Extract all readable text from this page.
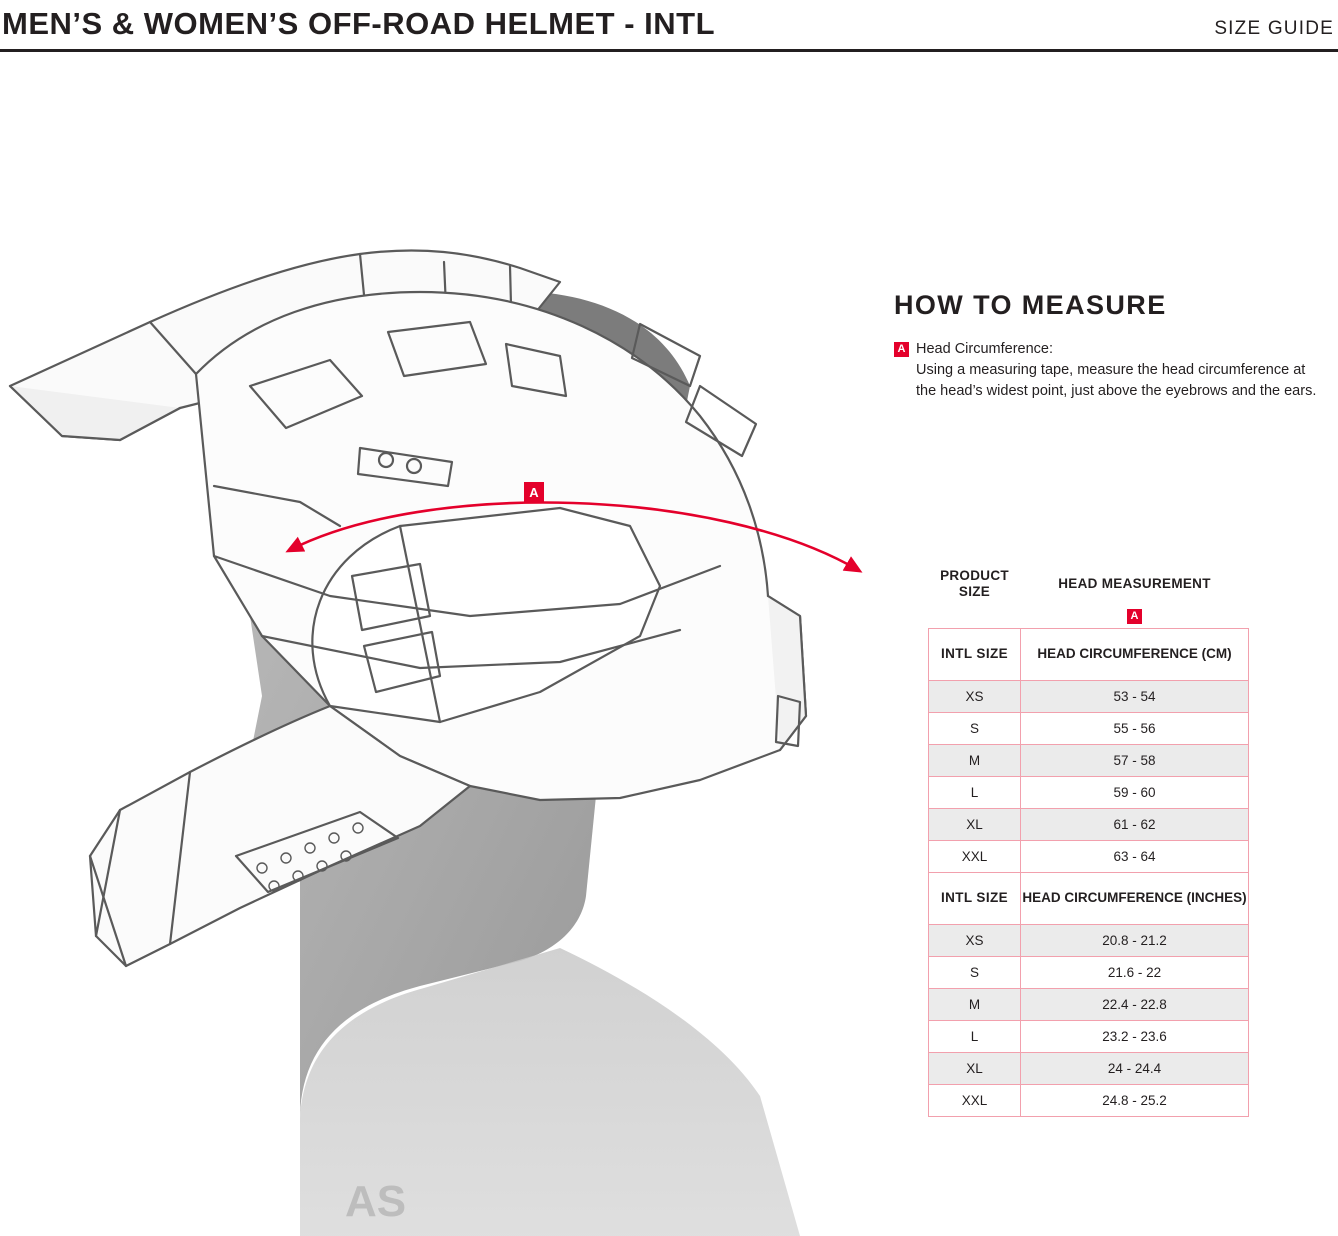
MEN’S & WOMEN’S OFF-ROAD HELMET - INTL	SIZE GUIDE
AS
A
HOW TO MEASURE
A Head Circumference:
Using a measuring tape, measure the head circumference at the head’s widest point, just above the eyebrows and the ears.
PRODUCT SIZE	HEAD MEASUREMENT
	A
INTL SIZE	HEAD CIRCUMFERENCE (CM)
XS	53 - 54
S	55 - 56
M	57 - 58
L	59 - 60
XL	61 - 62
XXL	63 - 64
INTL SIZE	HEAD CIRCUMFERENCE (INCHES)
XS	20.8 - 21.2
S	21.6 - 22
M	22.4 - 22.8
L	23.2 - 23.6
XL	24 - 24.4
XXL	24.8 - 25.2
